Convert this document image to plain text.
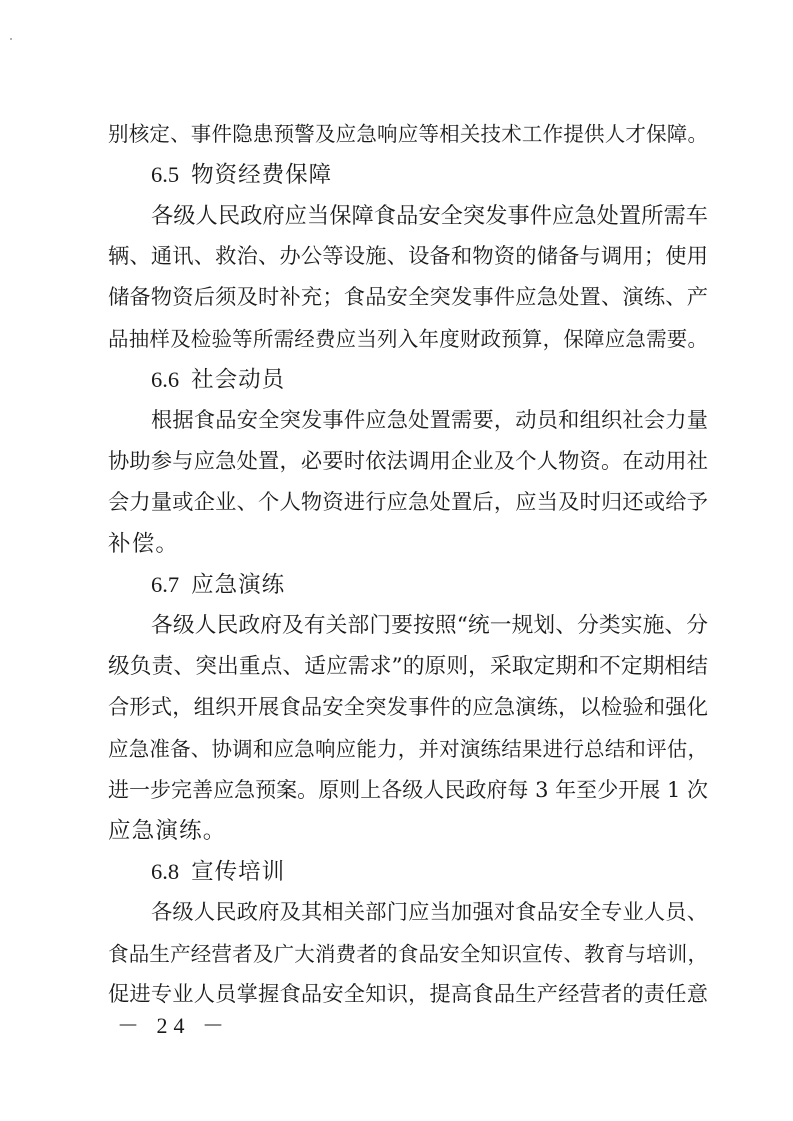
别核定、事件隐患预警及应急响应等相关技术工作提供人才保障。
6.5 物资经费保障
各级人民政府应当保障食品安全突发事件应急处置所需车
辆、通讯、救治、办公等设施、设备和物资的储备与调用；使用
储备物资后须及时补充；食品安全突发事件应急处置、演练、产
品抽样及检验等所需经费应当列入年度财政预算，保障应急需要。
6.6 社会动员
根据食品安全突发事件应急处置需要，动员和组织社会力量
协助参与应急处置，必要时依法调用企业及个人物资。在动用社
会力量或企业、个人物资进行应急处置后，应当及时归还或给予
补偿。
6.7 应急演练
各级人民政府及有关部门要按照“统一规划、分类实施、分
级负责、突出重点、适应需求”的原则，采取定期和不定期相结
合形式，组织开展食品安全突发事件的应急演练，以检验和强化
应急准备、协调和应急响应能力，并对演练结果进行总结和评估，
进一步完善应急预案。原则上各级人民政府每 3 年至少开展 1 次
应急演练。
6.8 宣传培训
各级人民政府及其相关部门应当加强对食品安全专业人员、
食品生产经营者及广大消费者的食品安全知识宣传、教育与培训，
促进专业人员掌握食品安全知识，提高食品生产经营者的责任意
－ 24 －
